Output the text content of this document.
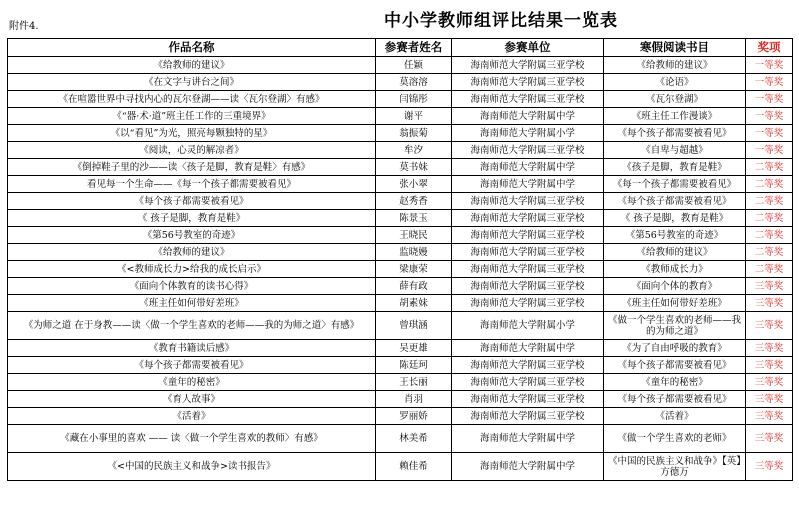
附件4.	中小学教师组评比结果一览表
作品名称	参赛者姓名	参赛单位	寒假阅读书目	奖项
《给教师的建议》	任颖	海南师范大学附属三亚学校	《给教师的建议》	一等奖
《在文字与讲台之间》	莫溶溶	海南师范大学附属三亚学校	《论语》	一等奖
《在喧嚣世界中寻找内心的瓦尔登湖——读〈瓦尔登湖〉有感》	闫锦彤	海南师范大学附属三亚学校	《瓦尔登湖》	一等奖
《“器·术·道”班主任工作的三重境界》	谢平	海南师范大学附属中学	《班主任工作漫谈》	一等奖
《以“看见”为光，照亮每颗独特的星》	翁振菊	海南师范大学附属小学	《每个孩子都需要被看见》	一等奖
《阅读，心灵的解凉者》	牟汐	海南师范大学附属三亚学校	《自卑与超越》	一等奖
《倒掉鞋子里的沙——读〈孩子是脚，教育是鞋〉有感》	莫书妹	海南师范大学附属中学	《孩子是脚，教育是鞋》	二等奖
看见每一个生命——《每一个孩子都需要被看见》	张小翠	海南师范大学附属中学	《每一个孩子都需要被看见》	二等奖
《每个孩子都需要被看见》	赵秀香	海南师范大学附属三亚学校	《每个孩子都需要被看见》	二等奖
《 孩子是脚，教育是鞋》	陈景玉	海南师范大学附属三亚学校	《 孩子是脚，教育是鞋》	二等奖
《第56号教室的奇迹》	王晓民	海南师范大学附属三亚学校	《第56号教室的奇迹》	二等奖
《给教师的建议》	监晓嫚	海南师范大学附属三亚学校	《给教师的建议》	二等奖
《<教师成长力>给我的成长启示》	梁康荣	海南师范大学附属三亚学校	《教师成长力》	二等奖
《面向个体教育的读书心得》	薛有政	海南师范大学附属三亚学校	《面向个体的教育》	三等奖
《班主任如何带好差班》	胡素妹	海南师范大学附属三亚学校	《班主任如何带好差班》	三等奖
《为师之道 在于身教——读〈做一个学生喜欢的老师——我的为师之道〉有感》	曾琪涵	海南师范大学附属小学	《做一个学生喜欢的老师——我的为师之道》	三等奖
《教育书籍读后感》	吴更雄	海南师范大学附属中学	《为了自由呼吸的教育》	三等奖
《每个孩子都需要被看见》	陈廷珂	海南师范大学附属三亚学校	《每个孩子都需要被看见》	三等奖
《童年的秘密》	王长丽	海南师范大学附属三亚学校	《童年的秘密》	三等奖
《育人故事》	肖羽	海南师范大学附属三亚学校	《每个孩子都需要被看见》	三等奖
《活着》	罗丽娇	海南师范大学附属三亚学校	《活着》	三等奖
《藏在小事里的喜欢 —— 读〈做一个学生喜欢的教师〉有感》	林美希	海南师范大学附属中学	《做一个学生喜欢的老师》	三等奖
《<中国的民族主义和战争>读书报告》	赖佳希	海南师范大学附属中学	《中国的民族主义和战争》【英】方德万	三等奖
